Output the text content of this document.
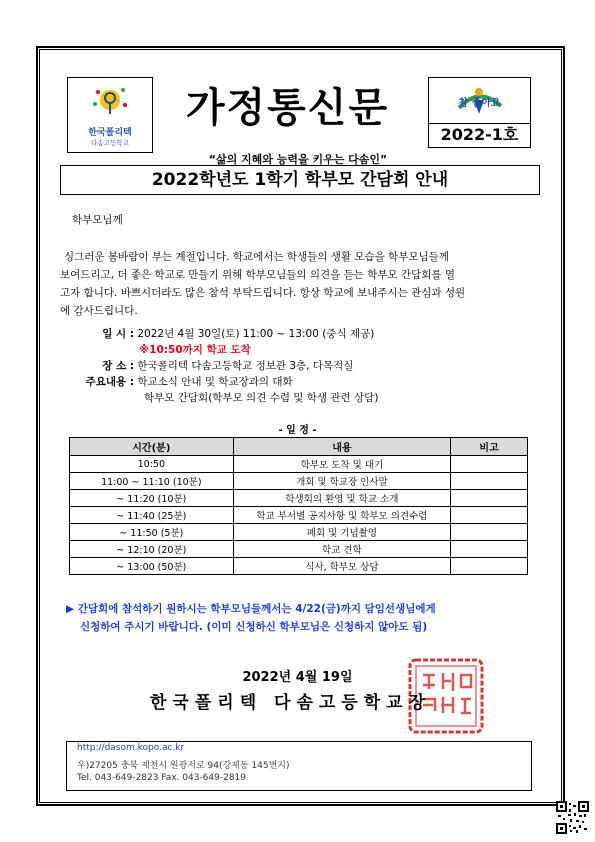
한국폴리텍
다솜고등학교
가정통신문	참 좋아요
2022-1호
“삶의 지혜와 능력을 키우는 다솜인”
2022학년도 1학기 학부모 간담회 안내
학부모님께
싱그러운 봄바람이 부는 계절입니다. 학교에서는 학생들의 생활 모습을 학부모님들께
보여드리고, 더 좋은 학교로 만들기 위해 학부모님들의 의견을 듣는 학부모 간담회를 열
고자 합니다. 바쁘시더라도 많은 참석 부탁드립니다. 항상 학교에 보내주시는 관심과 성원
에 감사드립니다.
일 시 : 2022년 4월 30일(토) 11:00 ~ 13:00 (중식 제공)
※10:50까지 학교 도착
장 소 : 한국폴리텍 다솜고등학교 정보관 3층, 다목적실
주요내용 : 학교소식 안내 및 학교장과의 대화
학부모 간담회(학부모 의견 수렴 및 학생 관련 상담)
- 일 정 -
시간(분)	내용	비고
10:50	학부모 도착 및 대기	
11:00 ~ 11:10 (10분)	개회 및 학교장 인사말	
~ 11:20 (10분)	학생회의 환영 및 학교 소개	
~ 11:40 (25분)	학교 부서별 공지사항 및 학부모 의견수렴	
~ 11:50 (5분)	폐회 및 기념촬영	
~ 12:10 (20분)	학교 견학	
~ 13:00 (50분)	식사, 학부모 상담	
▶ 간담회에 참석하기 원하시는 학부모님들께서는 4/22(금)까지 담임선생님에게
신청하여 주시기 바랍니다. (이미 신청하신 학부모님은 신청하지 않아도 됨)
2022년 4월 19일
한국폴리텍 다솜고등학교장
http://dasom.kopo.ac.kr
우)27205 충북 제천시 원광저로 94(강제동 145번지)
Tel. 043-649-2823 Fax. 043-649-2819
